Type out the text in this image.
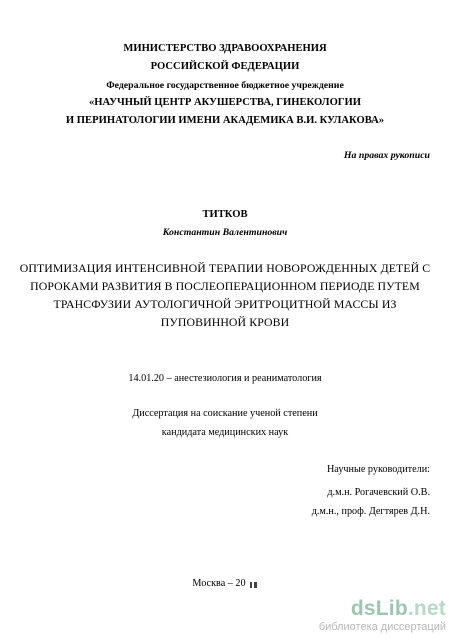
МИНИСТЕРСТВО ЗДРАВООХРАНЕНИЯ
РОССИЙСКОЙ ФЕДЕРАЦИИ
Федеральное государственное бюджетное учреждение
«НАУЧНЫЙ ЦЕНТР АКУШЕРСТВА, ГИНЕКОЛОГИИ
И ПЕРИНАТОЛОГИИ ИМЕНИ АКАДЕМИКА В.И. КУЛАКОВА»
На правах рукописи
ТИТКОВ
Константин Валентинович
ОПТИМИЗАЦИЯ ИНТЕНСИВНОЙ ТЕРАПИИ НОВОРОЖДЕННЫХ ДЕТЕЙ С
ПОРОКАМИ РАЗВИТИЯ В ПОСЛЕОПЕРАЦИОННОМ ПЕРИОДЕ ПУТЕМ
ТРАНСФУЗИИ АУТОЛОГИЧНОЙ ЭРИТРОЦИТНОЙ МАССЫ ИЗ
ПУПОВИННОЙ КРОВИ
14.01.20 – анестезиология и реаниматология
Диссертация на соискание ученой степени
кандидата медицинских наук
Научные руководители:
д.м.н. Рогачевский О.В.
д.м.н., проф. Дегтярев Д.Н.
Москва – 20
dsLib.net
библиотека диссертаций
